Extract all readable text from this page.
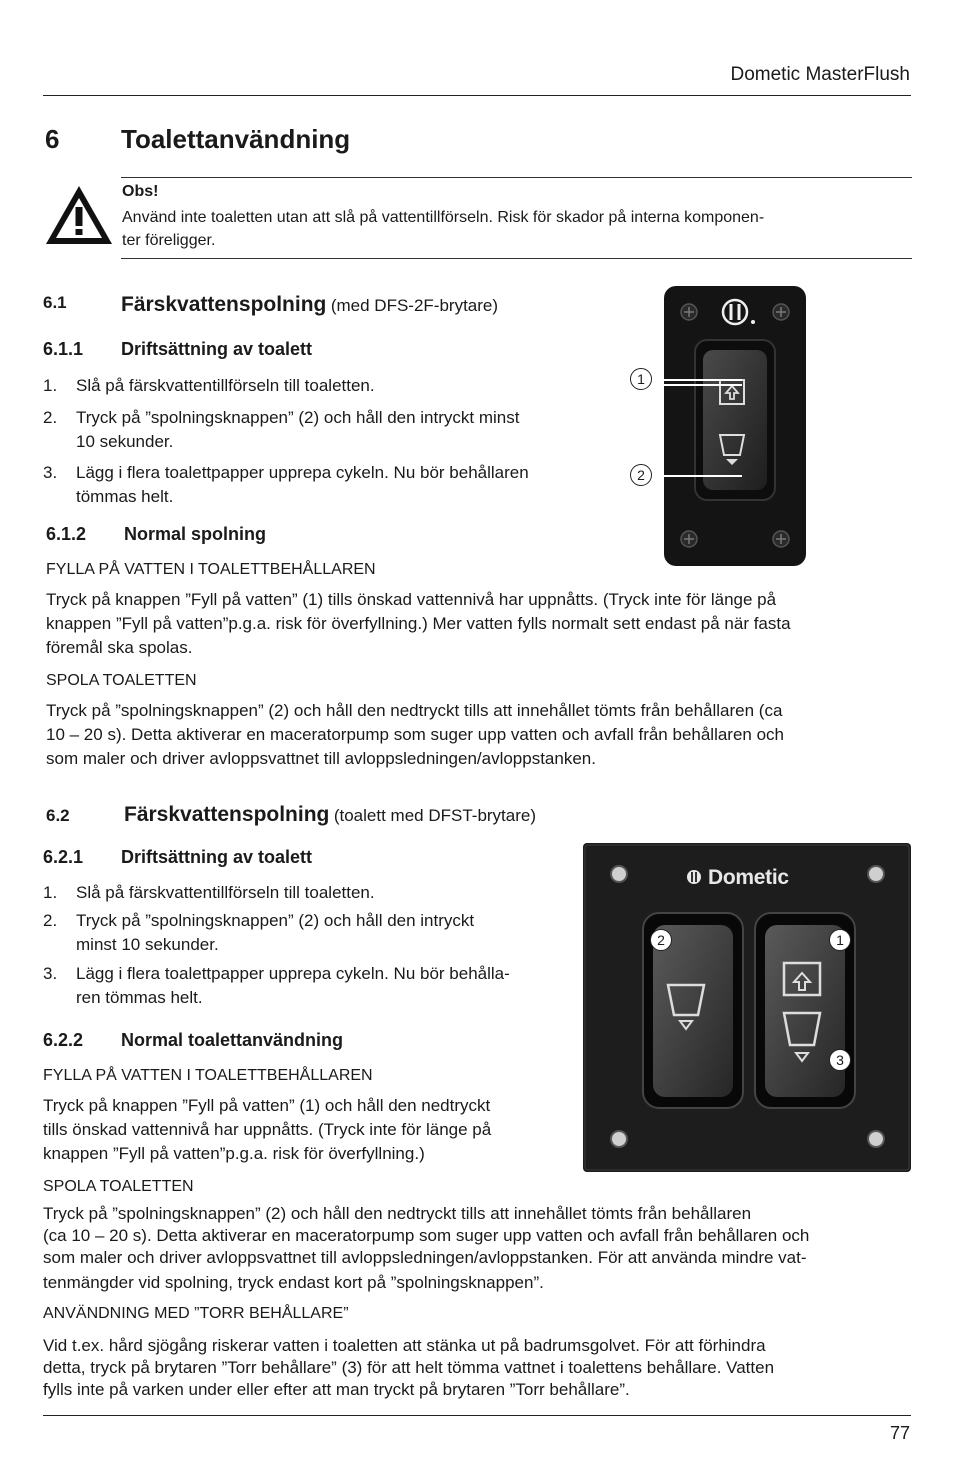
Dometic MasterFlush
6 Toalettanvändning
Obs!
Använd inte toaletten utan att slå på vattentillförseln. Risk för skador på interna komponen-
ter föreligger.
6.1	Färskvattenspolning (med DFS-2F-brytare)
6.1.1 Driftsättning av toalett
1. Slå på färskvattentillförseln till toaletten.
2. Tryck på ”spolningsknappen” (2) och håll den intryckt minst
10 sekunder.
3. Lägg i flera toalettpapper upprepa cykeln. Nu bör behållaren
tömmas helt.
1
2
6.1.2 Normal spolning
FYLLA PÅ VATTEN I TOALETTBEHÅLLAREN
Tryck på knappen ”Fyll på vatten” (1) tills önskad vattennivå har uppnåtts. (Tryck inte för länge på
knappen ”Fyll på vatten”p.g.a. risk för överfyllning.) Mer vatten fylls normalt sett endast på när fasta
föremål ska spolas.
SPOLA TOALETTEN
Tryck på ”spolningsknappen” (2) och håll den nedtryckt tills att innehållet tömts från behållaren (ca
10 – 20 s). Detta aktiverar en maceratorpump som suger upp vatten och avfall från behållaren och
som maler och driver avloppsvattnet till avloppsledningen/avloppstanken.
6.2	Färskvattenspolning (toalett med DFST-brytare)
6.2.1 Driftsättning av toalett
1. Slå på färskvattentillförseln till toaletten.
2. Tryck på ”spolningsknappen” (2) och håll den intryckt
minst 10 sekunder.
3. Lägg i flera toalettpapper upprepa cykeln. Nu bör behålla-
ren tömmas helt.
Dometic
2	1
3
6.2.2 Normal toalettanvändning
FYLLA PÅ VATTEN I TOALETTBEHÅLLAREN
Tryck på knappen ”Fyll på vatten” (1) och håll den nedtryckt
tills önskad vattennivå har uppnåtts. (Tryck inte för länge på
knappen ”Fyll på vatten”p.g.a. risk för överfyllning.)
SPOLA TOALETTEN
Tryck på ”spolningsknappen” (2) och håll den nedtryckt tills att innehållet tömts från behållaren
(ca 10 – 20 s). Detta aktiverar en maceratorpump som suger upp vatten och avfall från behållaren och
som maler och driver avloppsvattnet till avloppsledningen/avloppstanken. För att använda mindre vat-
tenmängder vid spolning, tryck endast kort på ”spolningsknappen”.
ANVÄNDNING MED ”TORR BEHÅLLARE”
Vid t.ex. hård sjögång riskerar vatten i toaletten att stänka ut på badrumsgolvet. För att förhindra
detta, tryck på brytaren ”Torr behållare” (3) för att helt tömma vattnet i toalettens behållare. Vatten
fylls inte på varken under eller efter att man tryckt på brytaren ”Torr behållare”.
77
